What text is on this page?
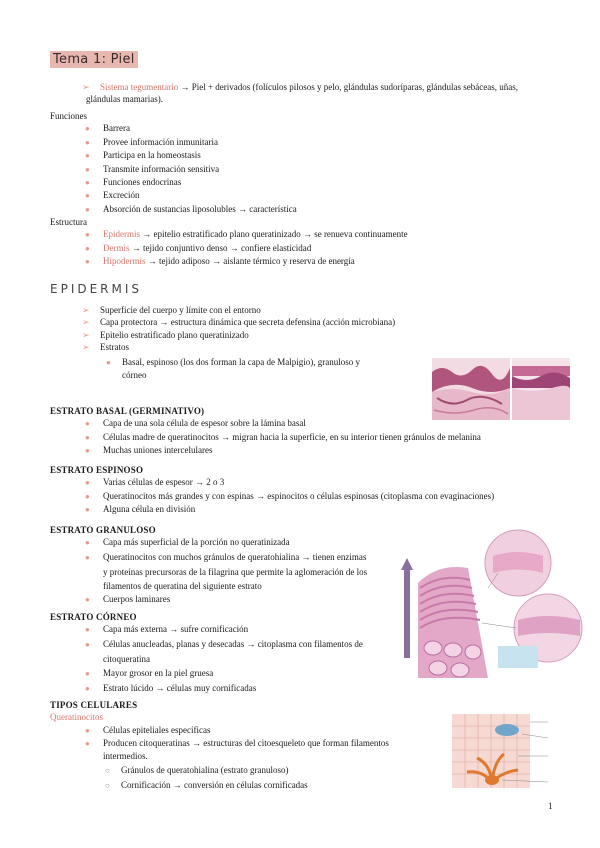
Tema 1: Piel
➢ Sistema tegumentario → Piel + derivados (folículos pilosos y pelo, glándulas sudoríparas, glándulas sebáceas, uñas,
glándulas mamarias).
Funciones
● Barrera
● Provee información inmunitaria
● Participa en la homeostasis
● Transmite información sensitiva
● Funciones endocrinas
● Excreción
● Absorción de sustancias liposolubles → característica
Estructura
● Epidermis → epitelio estratificado plano queratinizado → se renueva continuamente
● Dermis → tejido conjuntivo denso → confiere elasticidad
● Hipodermis → tejido adiposo → aislante térmico y reserva de energía
EPIDERMIS
➢ Superficie del cuerpo y límite con el entorno
➢ Capa protectora → estructura dinámica que secreta defensina (acción microbiana)
➢ Epitelio estratificado plano queratinizado
➢ Estratos
● Basal, espinoso (los dos forman la capa de Malpigio), granuloso y
córneo
ESTRATO BASAL (GERMINATIVO)
● Capa de una sola célula de espesor sobre la lámina basal
● Células madre de queratinocitos → migran hacia la superficie, en su interior tienen gránulos de melanina
● Muchas uniones intercelulares
ESTRATO ESPINOSO
● Varias células de espesor → 2 o 3
● Queratinocitos más grandes y con espinas → espinocitos o células espinosas (citoplasma con evaginaciones)
● Alguna célula en división
ESTRATO GRANULOSO
● Capa más superficial de la porción no queratinizada
● Queratinocitos con muchos gránulos de queratohialina → tienen enzimas
y proteínas precursoras de la filagrina que permite la aglomeración de los
filamentos de queratina del siguiente estrato
● Cuerpos laminares
ESTRATO CÓRNEO
● Capa más externa → sufre cornificación
● Células anucleadas, planas y desecadas → citoplasma con filamentos de
citoqueratina
● Mayor grosor en la piel gruesa
● Estrato lúcido → células muy cornificadas
TIPOS CELULARES
Queratinocitos
● Células epiteliales específicas
● Producen citoqueratinas → estructuras del citoesqueleto que forman filamentos
intermedios.
○ Gránulos de queratohialina (estrato granuloso)
○ Cornificación → conversión en células cornificadas
1
